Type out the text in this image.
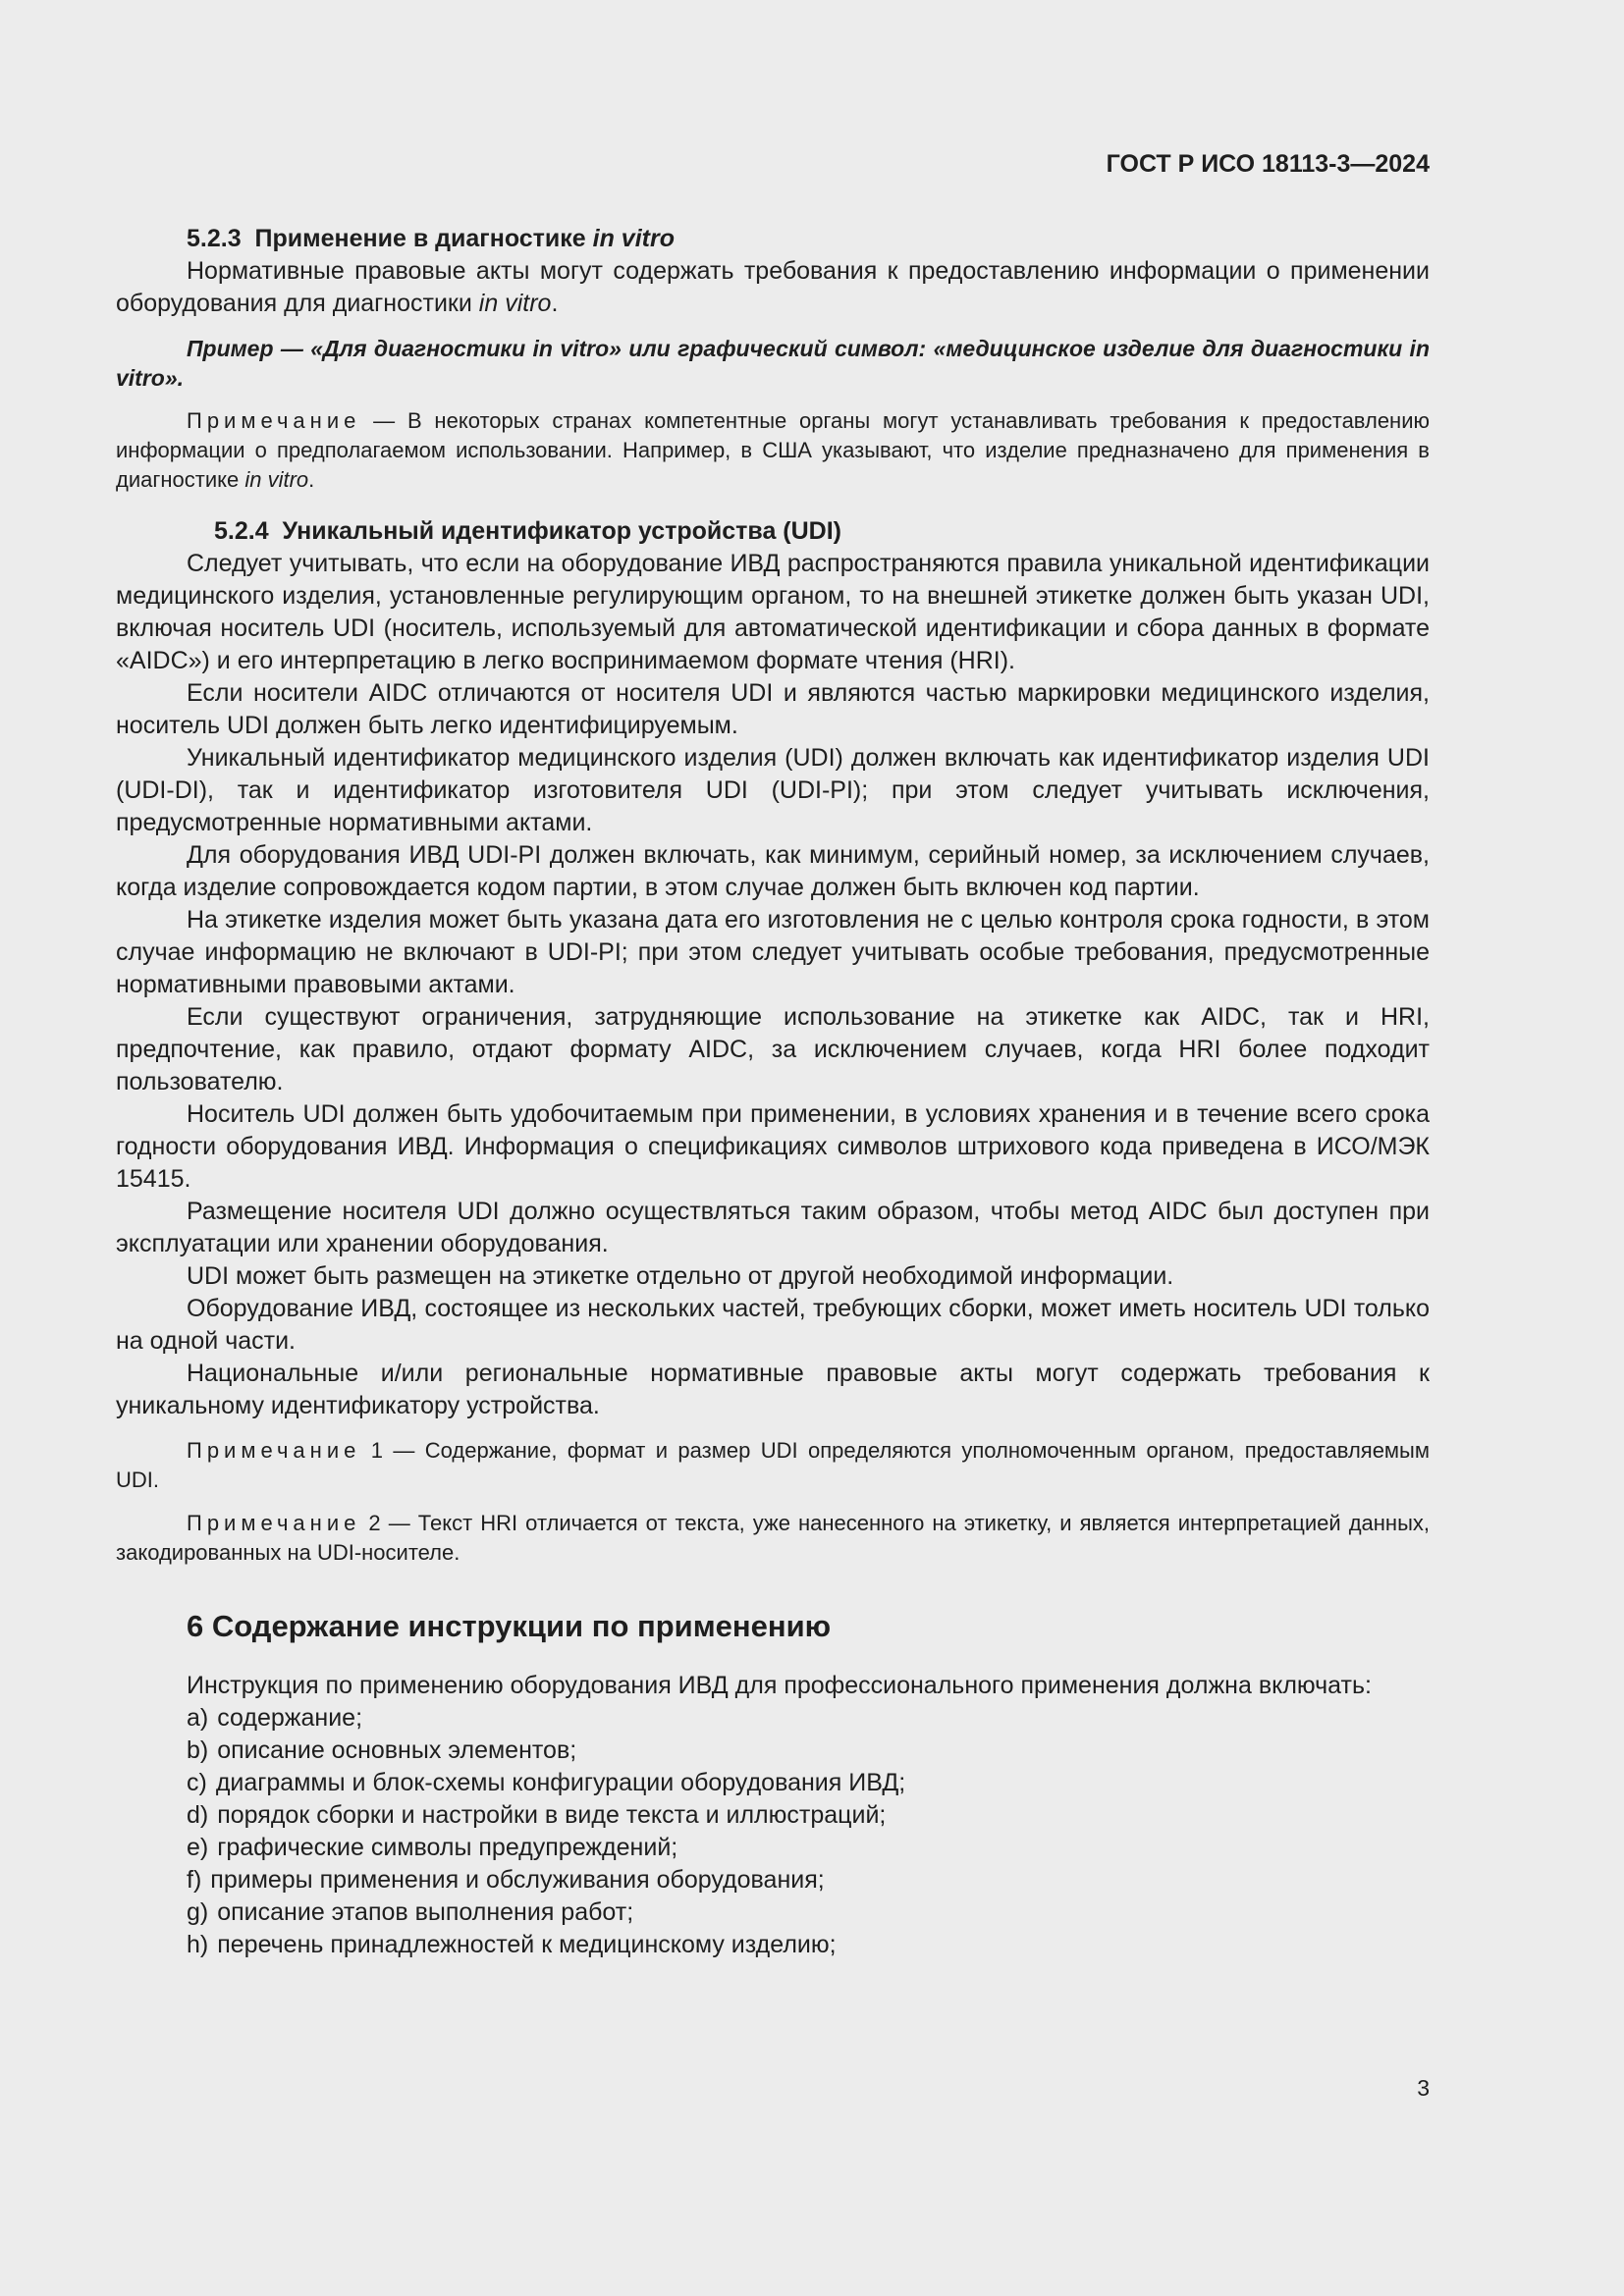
ГОСТ Р ИСО 18113-3—2024

5.2.3 Применение в диагностике in vitro

Нормативные правовые акты могут содержать требования к предоставлению информации о применении оборудования для диагностики in vitro.

Пример — «Для диагностики in vitro» или графический символ: «медицинское изделие для диагностики in vitro».

Примечание — В некоторых странах компетентные органы могут устанавливать требования к предоставлению информации о предполагаемом использовании. Например, в США указывают, что изделие предназначено для применения в диагностике in vitro.

5.2.4 Уникальный идентификатор устройства (UDI)

Следует учитывать, что если на оборудование ИВД распространяются правила уникальной идентификации медицинского изделия, установленные регулирующим органом, то на внешней этикетке должен быть указан UDI, включая носитель UDI (носитель, используемый для автоматической идентификации и сбора данных в формате «AIDC») и его интерпретацию в легко воспринимаемом формате чтения (HRI).

Если носители AIDC отличаются от носителя UDI и являются частью маркировки медицинского изделия, носитель UDI должен быть легко идентифицируемым.

Уникальный идентификатор медицинского изделия (UDI) должен включать как идентификатор изделия UDI (UDI-DI), так и идентификатор изготовителя UDI (UDI-PI); при этом следует учитывать исключения, предусмотренные нормативными актами.

Для оборудования ИВД UDI-PI должен включать, как минимум, серийный номер, за исключением случаев, когда изделие сопровождается кодом партии, в этом случае должен быть включен код партии.

На этикетке изделия может быть указана дата его изготовления не с целью контроля срока годности, в этом случае информацию не включают в UDI-PI; при этом следует учитывать особые требования, предусмотренные нормативными правовыми актами.

Если существуют ограничения, затрудняющие использование на этикетке как AIDC, так и HRI, предпочтение, как правило, отдают формату AIDC, за исключением случаев, когда HRI более подходит пользователю.

Носитель UDI должен быть удобочитаемым при применении, в условиях хранения и в течение всего срока годности оборудования ИВД. Информация о спецификациях символов штрихового кода приведена в ИСО/МЭК 15415.

Размещение носителя UDI должно осуществляться таким образом, чтобы метод AIDC был доступен при эксплуатации или хранении оборудования.

UDI может быть размещен на этикетке отдельно от другой необходимой информации.

Оборудование ИВД, состоящее из нескольких частей, требующих сборки, может иметь носитель UDI только на одной части.

Национальные и/или региональные нормативные правовые акты могут содержать требования к уникальному идентификатору устройства.

Примечание 1 — Содержание, формат и размер UDI определяются уполномоченным органом, предоставляемым UDI.

Примечание 2 — Текст HRI отличается от текста, уже нанесенного на этикетку, и является интерпретацией данных, закодированных на UDI-носителе.

6 Содержание инструкции по применению

Инструкция по применению оборудования ИВД для профессионального применения должна включать:

а) содержание;
b) описание основных элементов;
с) диаграммы и блок-схемы конфигурации оборудования ИВД;
d) порядок сборки и настройки в виде текста и иллюстраций;
е) графические символы предупреждений;
f) примеры применения и обслуживания оборудования;
g) описание этапов выполнения работ;
h) перечень принадлежностей к медицинскому изделию;
3
